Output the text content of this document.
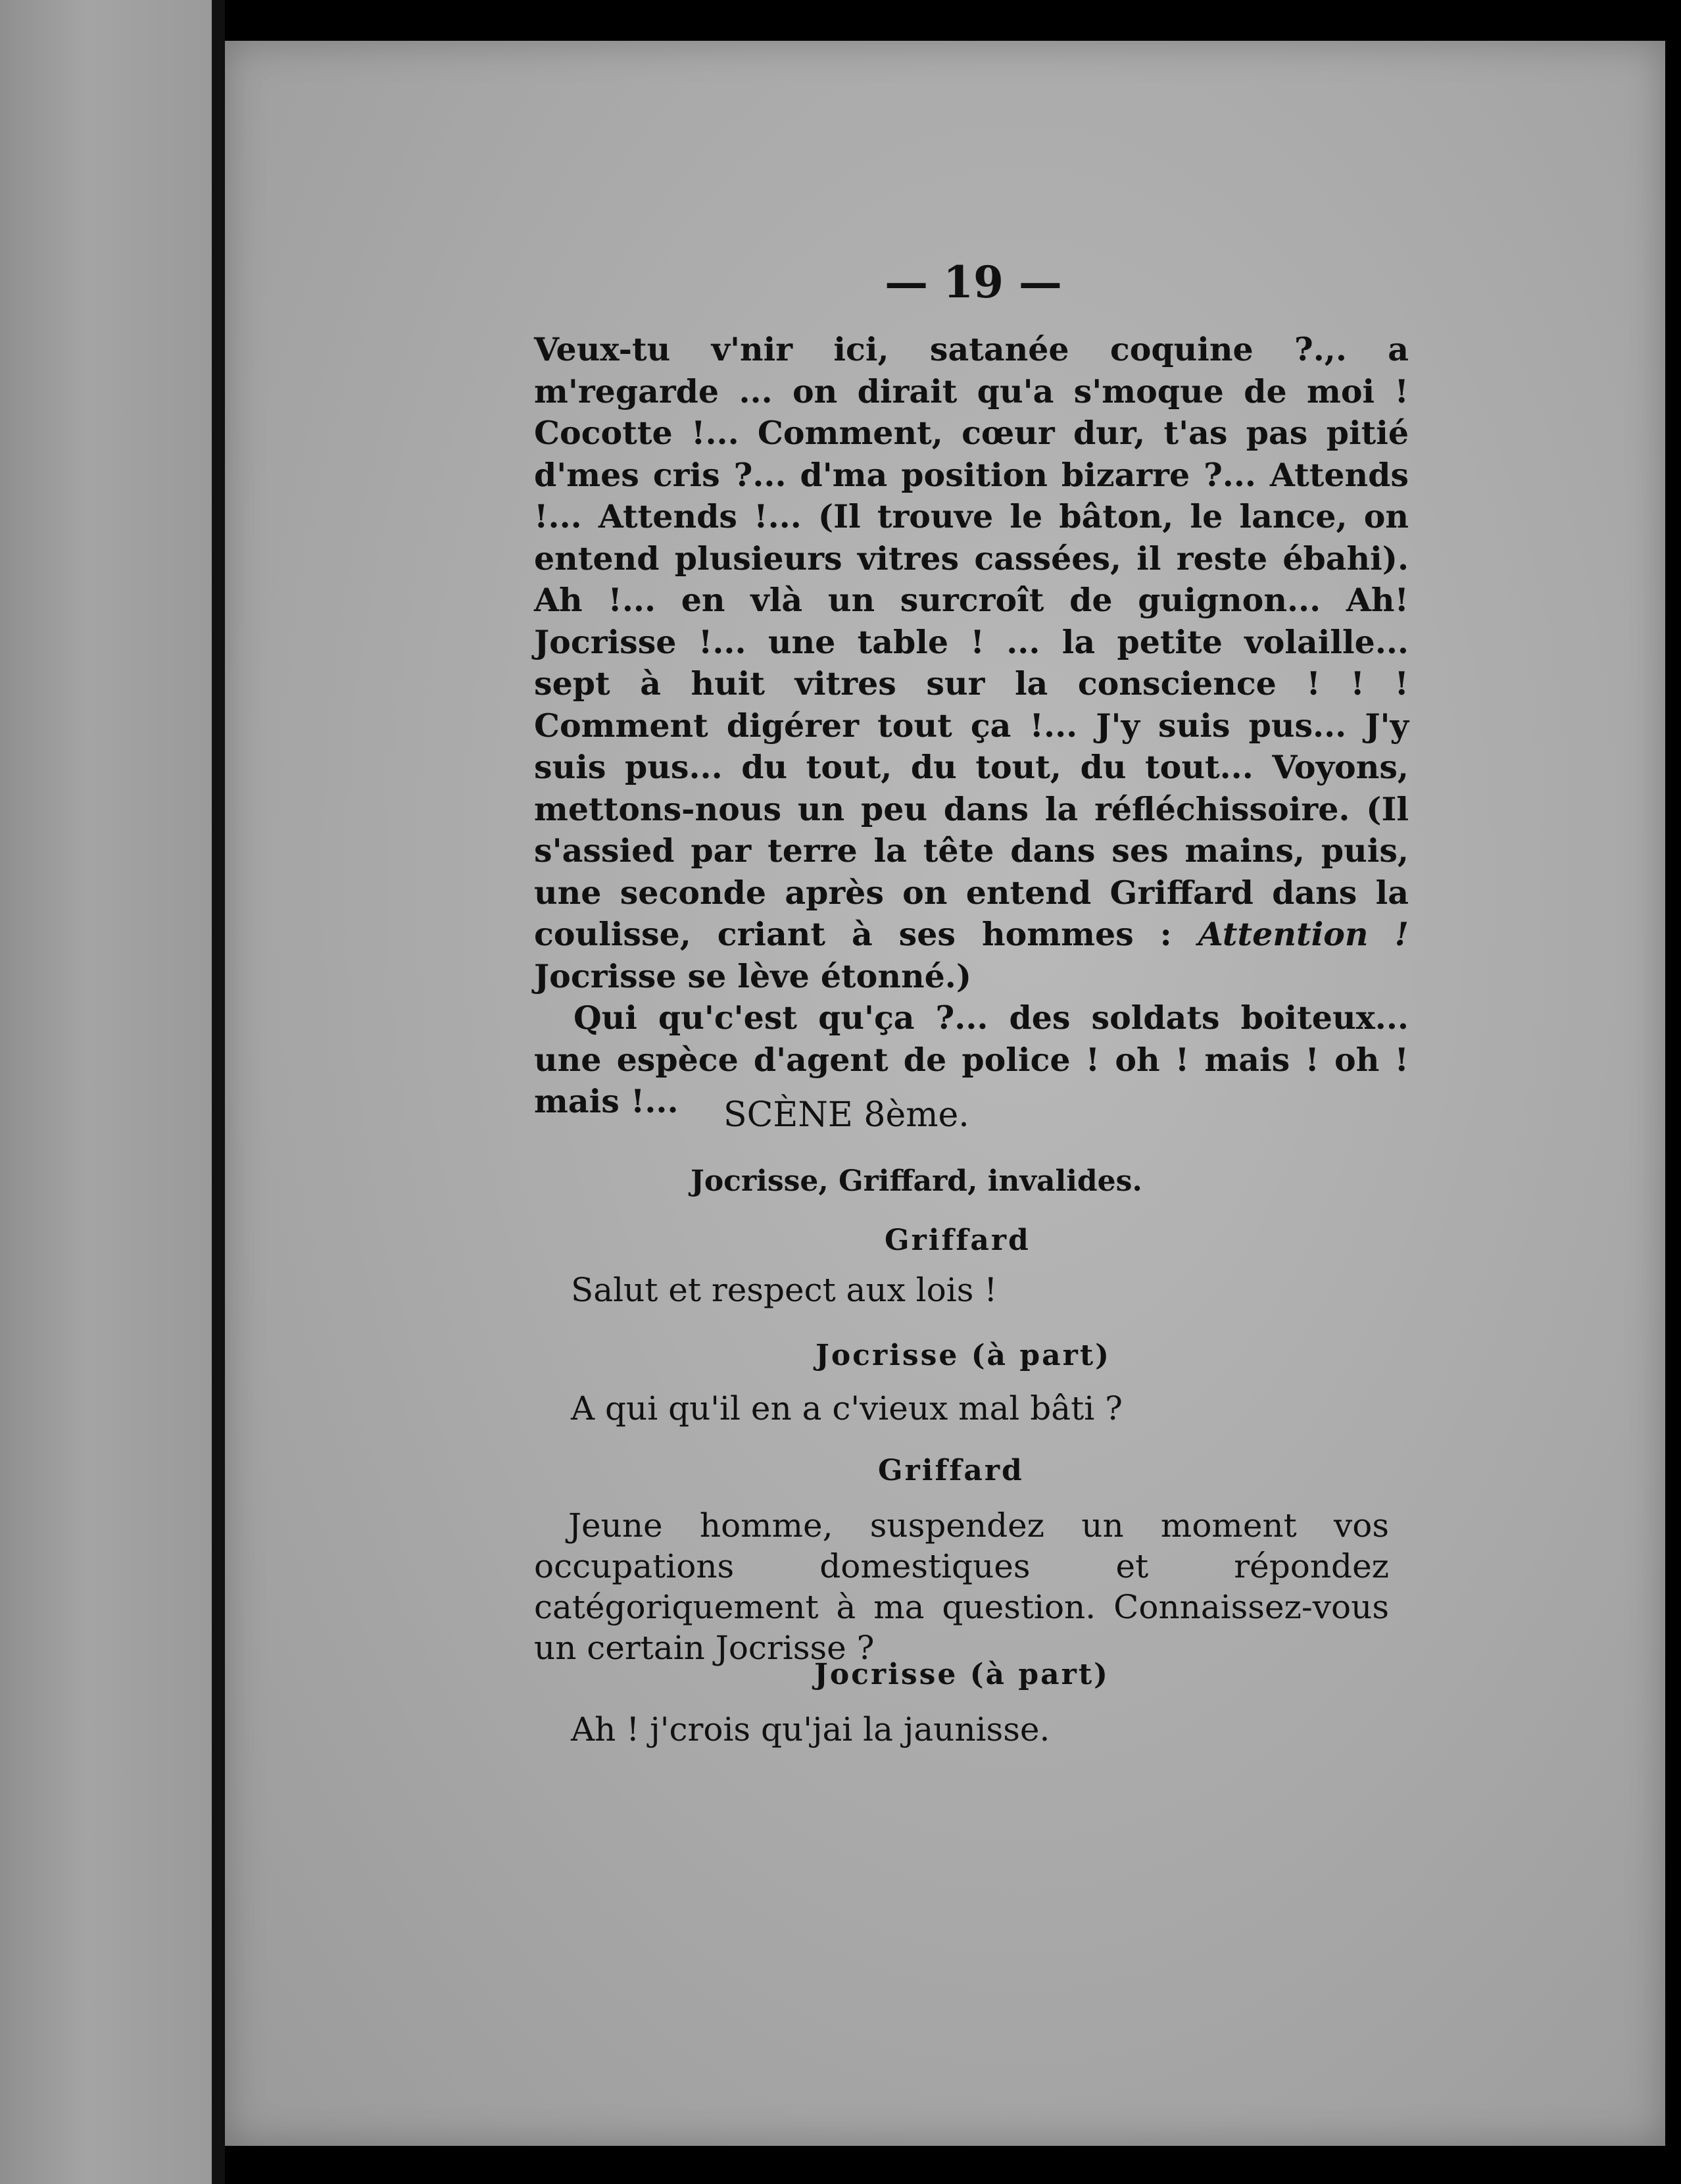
— 19 —

Veux-tu v'nir ici, satanée coquine ?.,. a m'regarde ... on dirait qu'a s'moque de moi ! Cocotte !... Comment, cœur dur, t'as pas pitié d'mes cris ?... d'ma position bizarre ?... Attends !... Attends !... (Il trouve le bâton, le lance, on entend plusieurs vitres cassées, il reste ébahi). Ah !... en vlà un surcroît de guignon... Ah! Jocrisse !... une table ! ... la petite volaille... sept à huit vitres sur la conscience ! ! ! Comment digérer tout ça !... J'y suis pus... J'y suis pus... du tout, du tout, du tout... Voyons, mettons-nous un peu dans la réfléchissoire. (Il s'assied par terre la tête dans ses mains, puis, une seconde après on entend Griffard dans la coulisse, criant à ses hommes : Attention ! Jocrisse se lève étonné.)

Qui qu'c'est qu'ça ?... des soldats boiteux... une espèce d'agent de police ! oh ! mais ! oh ! mais !...	SCÈNE 8ème.
Jocrisse, Griffard, invalides.
Griffard
Salut et respect aux lois !
Jocrisse (à part)
A qui qu'il en a c'vieux mal bâti ?
Griffard

Jeune homme, suspendez un moment vos occupations domestiques et répondez catégoriquement à ma question. Connaissez-vous un certain Jocrisse ?

Jocrisse (à part)
Ah ! j'crois qu'jai la jaunisse.
